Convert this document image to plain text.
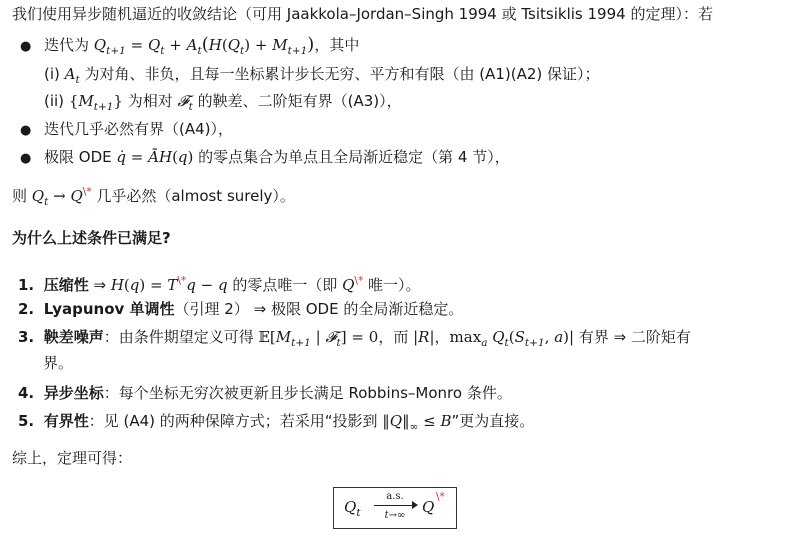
我们使用异步随机逼近的收敛结论（可用 Jaakkola–Jordan–Singh 1994 或 Tsitsiklis 1994 的定理）：若
● 迭代为 $Q_{t+1} = Q_t + A_t(H(Q_t) + M_{t+1})$，其中
(i) $A_t$ 为对角、非负，且每一坐标累计步长无穷、平方和有限（由 (A1)(A2) 保证）；
(ii) $\{M_{t+1}\}$ 为相对 𝓕$_t$ 的鞅差、二阶矩有界（(A3)），
● 迭代几乎必然有界（(A4)），
● 极限 ODE q̇ = ĀH(q) 的零点集合为单点且全局渐近稳定（第 4 节），
则 $Q_t \to Q^{\backslash*}$ 几乎必然（almost surely）。
为什么上述条件已满足?
1. 压缩性 ⇒ H(q) = T\*q − q 的零点唯一（即 Q\* 唯一）。
2. Lyapunov 单调性（引理 2） ⇒ 极限 ODE 的全局渐近稳定。
3. 鞅差噪声：由条件期望定义可得 $𝔼[M_{t+1}$ | 𝓕$_t$] = 0，而 |R|，$\max_a Q_t(S_{t+1}$, a)| 有界 ⇒ 二阶矩有
界。
4. 异步坐标：每个坐标无穷次被更新且步长满足 Robbins–Monro 条件。
5. 有界性：见 (A4) 的两种保障方式；若采用“投影到 $‖Q‖_\infty \le B$”更为直接。
综上，定理可得：
$Q_t$
a.s.
t→∞	Q
\*
